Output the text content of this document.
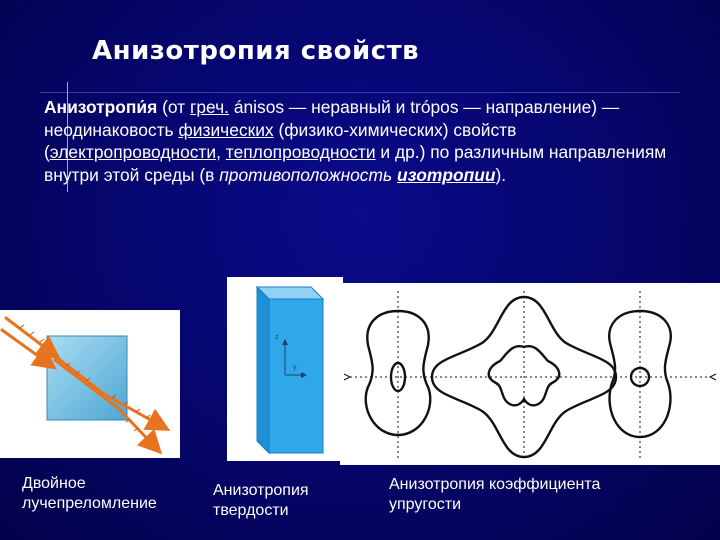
Анизотропия свойств
Анизотропи́я (от греч. ánisos — неравный и trópos — направление) — неодинаковость физических (физико-химических) свойств (электропроводности, теплопроводности и др.) по различным направлениям внутри этой среды (в противоположность изотропии).
z
y
Двойное лучепреломление
Анизотропия твердости
Анизотропия коэффициента упругости
